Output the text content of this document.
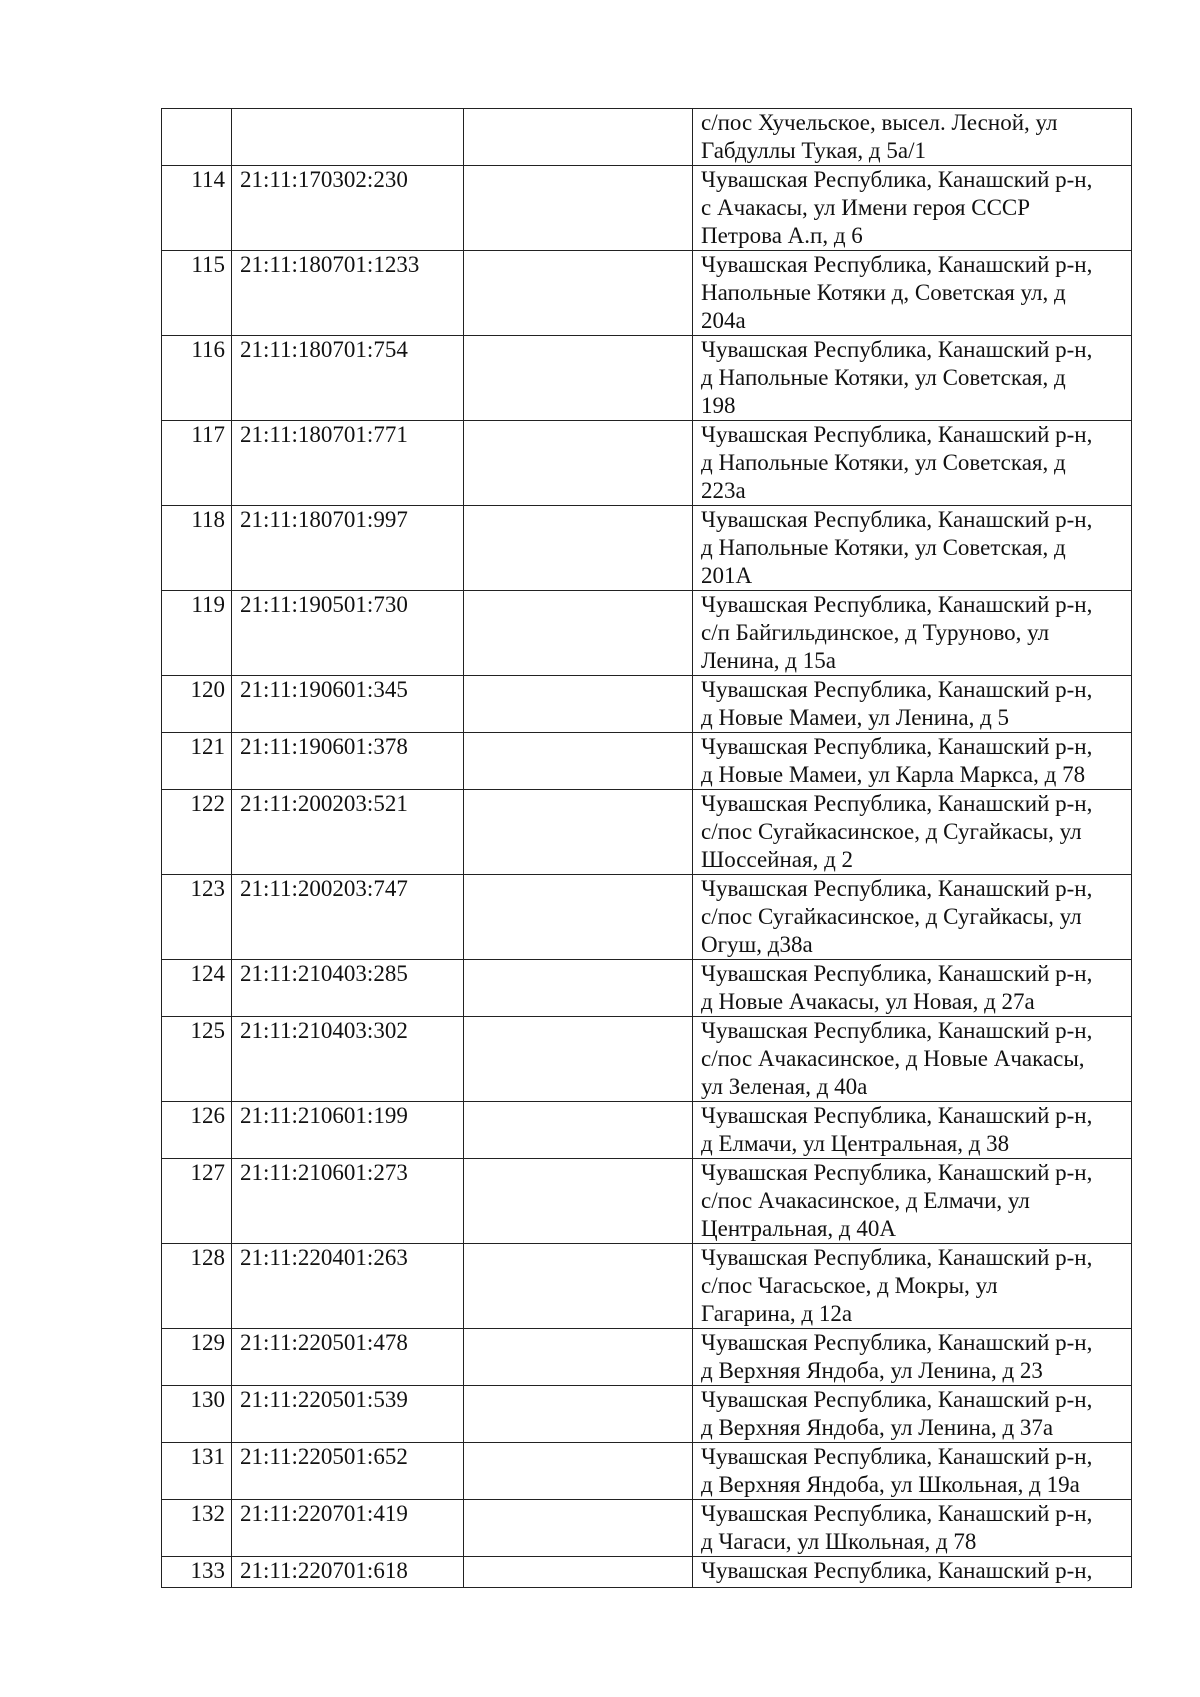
			с/пос Хучельское, высел. Лесной, ул
Габдуллы Тукая, д 5а/1
114	21:11:170302:230		Чувашская Республика, Канашский р-н,
с Ачакасы, ул Имени героя СССР
Петрова А.п, д 6
115	21:11:180701:1233		Чувашская Республика, Канашский р-н,
Напольные Котяки д, Советская ул, д
204а
116	21:11:180701:754		Чувашская Республика, Канашский р-н,
д Напольные Котяки, ул Советская, д
198
117	21:11:180701:771		Чувашская Республика, Канашский р-н,
д Напольные Котяки, ул Советская, д
223а
118	21:11:180701:997		Чувашская Республика, Канашский р-н,
д Напольные Котяки, ул Советская, д
201А
119	21:11:190501:730		Чувашская Республика, Канашский р-н,
с/п Байгильдинское, д Туруново, ул
Ленина, д 15а
120	21:11:190601:345		Чувашская Республика, Канашский р-н,
д Новые Мамеи, ул Ленина, д 5
121	21:11:190601:378		Чувашская Республика, Канашский р-н,
д Новые Мамеи, ул Карла Маркса, д 78
122	21:11:200203:521		Чувашская Республика, Канашский р-н,
с/пос Сугайкасинское, д Сугайкасы, ул
Шоссейная, д 2
123	21:11:200203:747		Чувашская Республика, Канашский р-н,
с/пос Сугайкасинское, д Сугайкасы, ул
Огуш, д38а
124	21:11:210403:285		Чувашская Республика, Канашский р-н,
д Новые Ачакасы, ул Новая, д 27а
125	21:11:210403:302		Чувашская Республика, Канашский р-н,
с/пос Ачакасинское, д Новые Ачакасы,
ул Зеленая, д 40а
126	21:11:210601:199		Чувашская Республика, Канашский р-н,
д Елмачи, ул Центральная, д 38
127	21:11:210601:273		Чувашская Республика, Канашский р-н,
с/пос Ачакасинское, д Елмачи, ул
Центральная, д 40А
128	21:11:220401:263		Чувашская Республика, Канашский р-н,
с/пос Чагасьское, д Мокры, ул
Гагарина, д 12а
129	21:11:220501:478		Чувашская Республика, Канашский р-н,
д Верхняя Яндоба, ул Ленина, д 23
130	21:11:220501:539		Чувашская Республика, Канашский р-н,
д Верхняя Яндоба, ул Ленина, д 37а
131	21:11:220501:652		Чувашская Республика, Канашский р-н,
д Верхняя Яндоба, ул Школьная, д 19а
132	21:11:220701:419		Чувашская Республика, Канашский р-н,
д Чагаси, ул Школьная, д 78
133	21:11:220701:618		Чувашская Республика, Канашский р-н,
